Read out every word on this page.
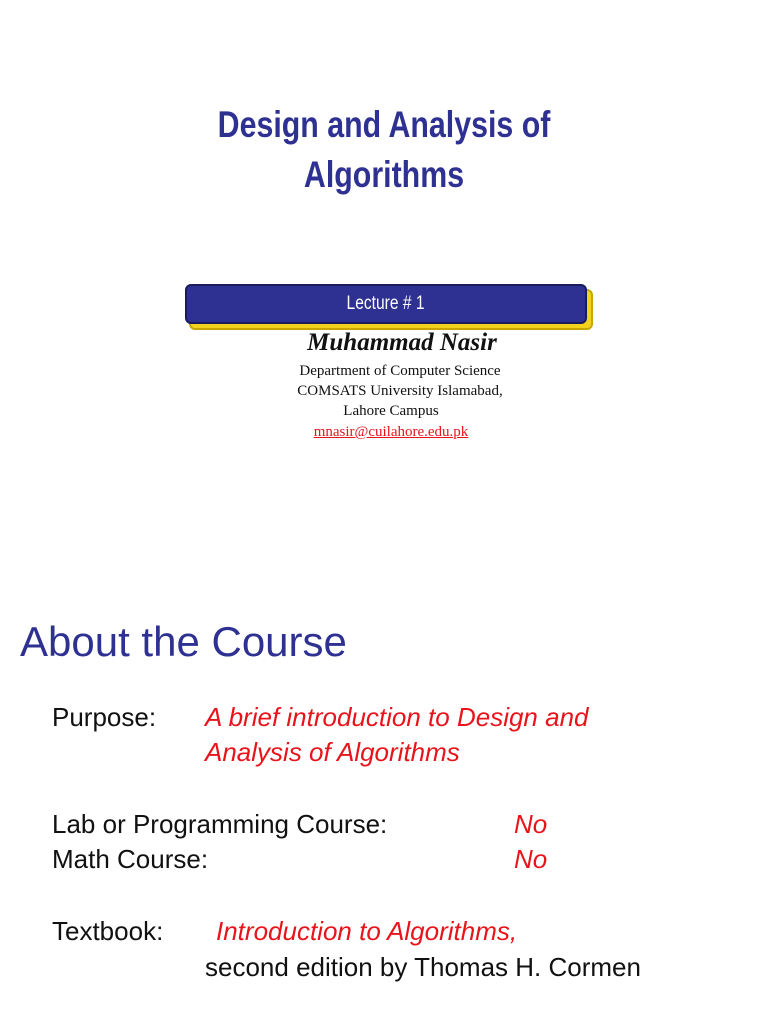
Design and Analysis of
Algorithms
Lecture # 1
Muhammad Nasir
Department of Computer Science
COMSATS University Islamabad,
Lahore Campus
mnasir@cuilahore.edu.pk
About the Course
Purpose: A brief introduction to Design and
Analysis of Algorithms
Lab or Programming Course:	No
Math Course:	No
Textbook: Introduction to Algorithms,
second edition by Thomas H. Cormen
